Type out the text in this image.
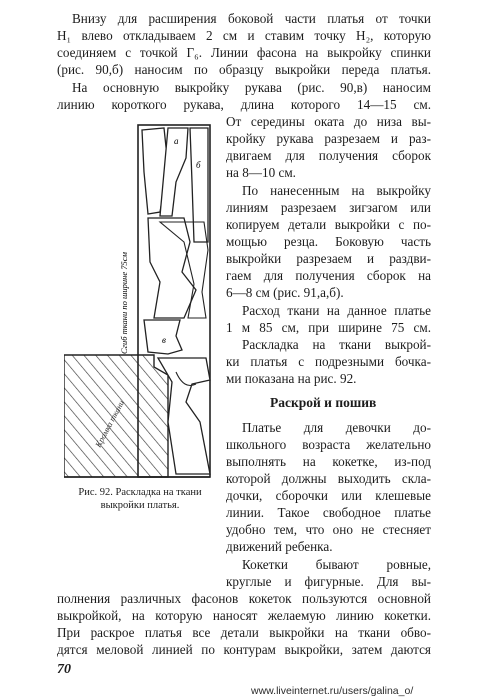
Внизу для расширения боковой части платья от точки
H₁ влево откладываем 2 см и ставим точку H₂, которую
соединяем с точкой Г₆. Линии фасона на выкройку спинки
(рис. 90,б) наносим по образцу выкройки переда платья.
На основную выкройку рукава (рис. 90,в) наносим
линию короткого рукава, длина которого 14—15 см.
От середины оката до низа вы-
кройку рукава разрезаем и раз-
двигаем для получения сборок
на 8—10 см.
По нанесенным на выкройку
линиям разрезаем зигзагом или
копируем детали выкройки с по-
мощью резца. Боковую часть
выкройки разрезаем и раздви-
гаем для получения сборок на
6—8 см (рис. 91,а,б).
Расход ткани на данное платье
1 м 85 см, при ширине 75 см.
Раскладка на ткани выкрой-
ки платья с подрезными бочка-
ми показана на рис. 92.
Раскрой и пошив
Платье для девочки до-
школьного возраста желательно
выполнять на кокетке, из-под
которой должны выходить скла-
дочки, сборочки или клешевые
линии. Такое свободное платье
удобно тем, что оно не стесняет
движений ребенка.
Кокетки бывают ровные,
а
б
в
Сгиб ткани по ширине 75см
Кромка ткани
Рис. 92. Раскладка на ткани
выкройки платья.
круглые и фигурные. Для вы-
полнения различных фасонов кокеток пользуются основной
выкройкой, на которую наносят желаемую линию кокетки.
При раскрое платья все детали выкройки на ткани обво-
дятся меловой линией по контурам выкройки, затем даются
70
www.liveinternet.ru/users/galina_o/
